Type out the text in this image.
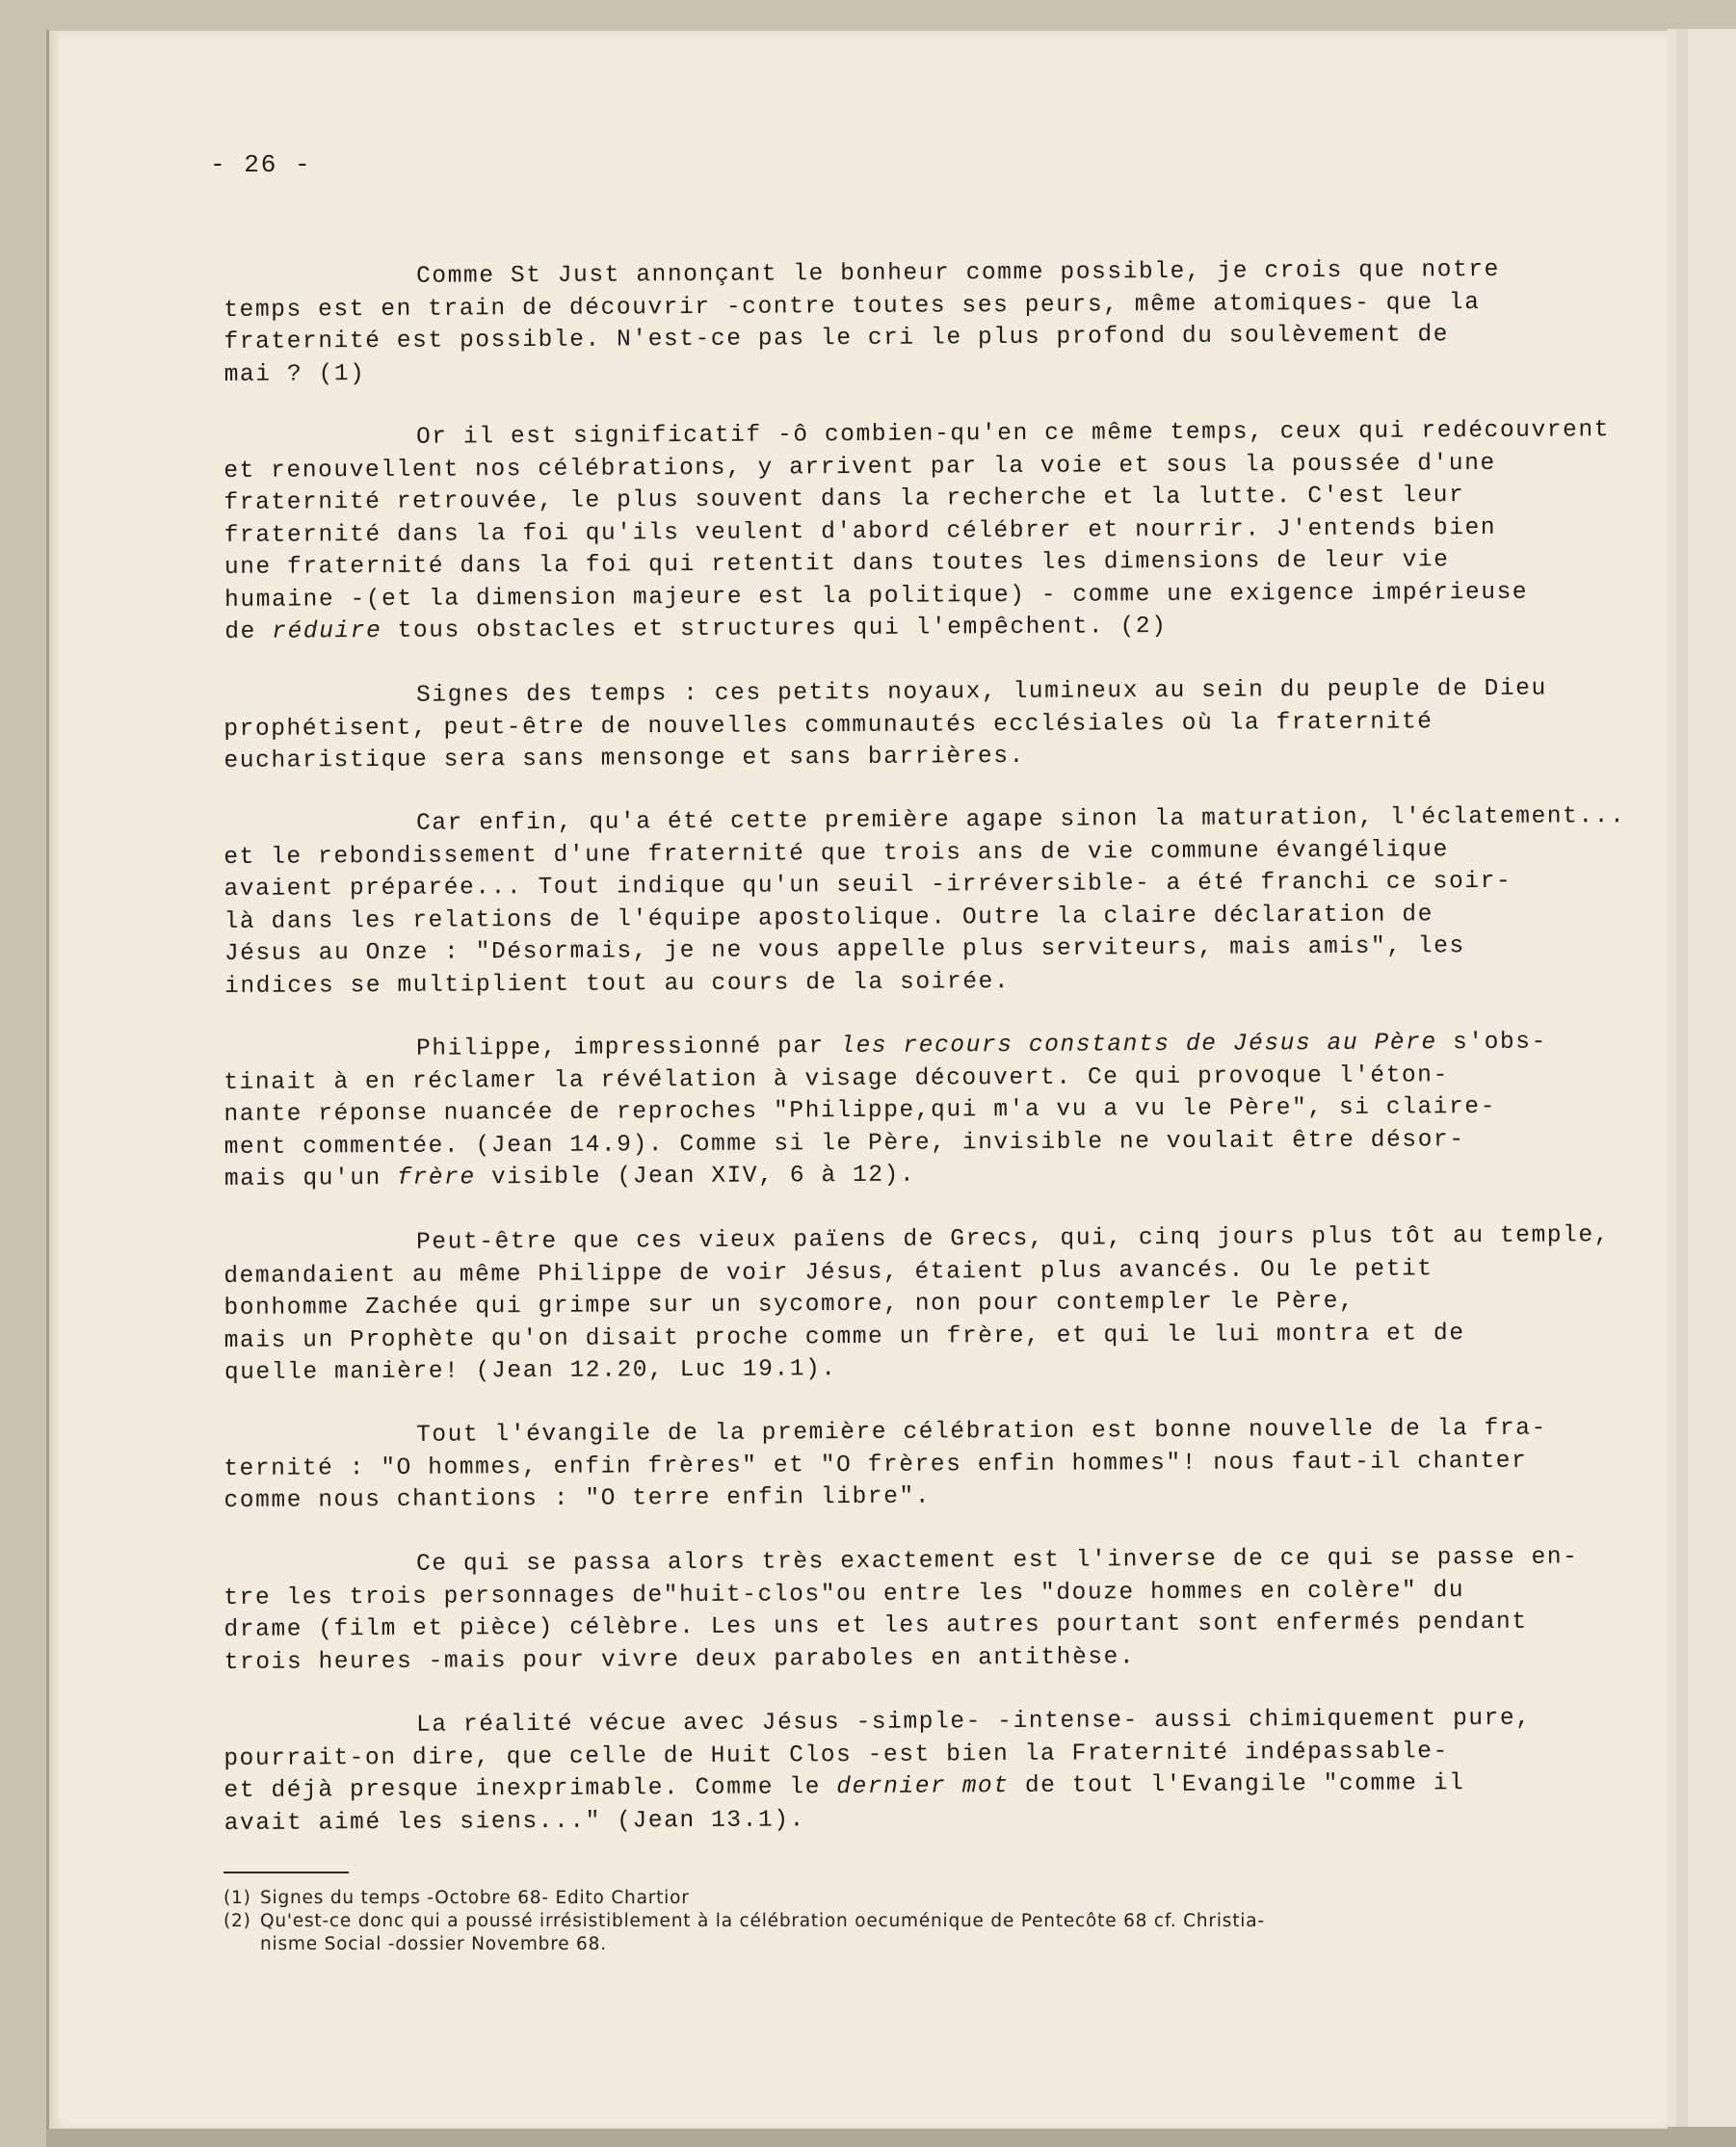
- 26 -
Comme St Just annonçant le bonheur comme possible, je crois que notre
temps est en train de découvrir -contre toutes ses peurs, même atomiques- que la
fraternité est possible. N'est-ce pas le cri le plus profond du soulèvement de
mai ? (1)
Or il est significatif -ô combien-qu'en ce même temps, ceux qui redécouvrent
et renouvellent nos célébrations, y arrivent par la voie et sous la poussée d'une
fraternité retrouvée, le plus souvent dans la recherche et la lutte. C'est leur
fraternité dans la foi qu'ils veulent d'abord célébrer et nourrir. J'entends bien
une fraternité dans la foi qui retentit dans toutes les dimensions de leur vie
humaine -(et la dimension majeure est la politique) - comme une exigence impérieuse
de réduire tous obstacles et structures qui l'empêchent. (2)
Signes des temps : ces petits noyaux, lumineux au sein du peuple de Dieu
prophétisent, peut-être de nouvelles communautés ecclésiales où la fraternité
eucharistique sera sans mensonge et sans barrières.
Car enfin, qu'a été cette première agape sinon la maturation, l'éclatement...
et le rebondissement d'une fraternité que trois ans de vie commune évangélique
avaient préparée... Tout indique qu'un seuil -irréversible- a été franchi ce soir-
là dans les relations de l'équipe apostolique. Outre la claire déclaration de
Jésus au Onze : "Désormais, je ne vous appelle plus serviteurs, mais amis", les
indices se multiplient tout au cours de la soirée.
Philippe, impressionné par les recours constants de Jésus au Père s'obs-
tinait à en réclamer la révélation à visage découvert. Ce qui provoque l'éton-
nante réponse nuancée de reproches "Philippe,qui m'a vu a vu le Père", si claire-
ment commentée. (Jean 14.9). Comme si le Père, invisible ne voulait être désor-
mais qu'un frère visible (Jean XIV, 6 à 12).
Peut-être que ces vieux païens de Grecs, qui, cinq jours plus tôt au temple,
demandaient au même Philippe de voir Jésus, étaient plus avancés. Ou le petit
bonhomme Zachée qui grimpe sur un sycomore, non pour contempler le Père,
mais un Prophète qu'on disait proche comme un frère, et qui le lui montra et de
quelle manière! (Jean 12.20, Luc 19.1).
Tout l'évangile de la première célébration est bonne nouvelle de la fra-
ternité : "O hommes, enfin frères" et "O frères enfin hommes"! nous faut-il chanter
comme nous chantions : "O terre enfin libre".
Ce qui se passa alors très exactement est l'inverse de ce qui se passe en-
tre les trois personnages de"huit-clos"ou entre les "douze hommes en colère" du
drame (film et pièce) célèbre. Les uns et les autres pourtant sont enfermés pendant
trois heures -mais pour vivre deux paraboles en antithèse.
La réalité vécue avec Jésus -simple- -intense- aussi chimiquement pure,
pourrait-on dire, que celle de Huit Clos -est bien la Fraternité indépassable-
et déjà presque inexprimable. Comme le dernier mot de tout l'Evangile "comme il
avait aimé les siens..." (Jean 13.1).
(1) Signes du temps -Octobre 68- Edito Chartior
(2) Qu'est-ce donc qui a poussé irrésistiblement à la célébration oecuménique de Pentecôte 68 cf. Christia-
nisme Social -dossier Novembre 68.
